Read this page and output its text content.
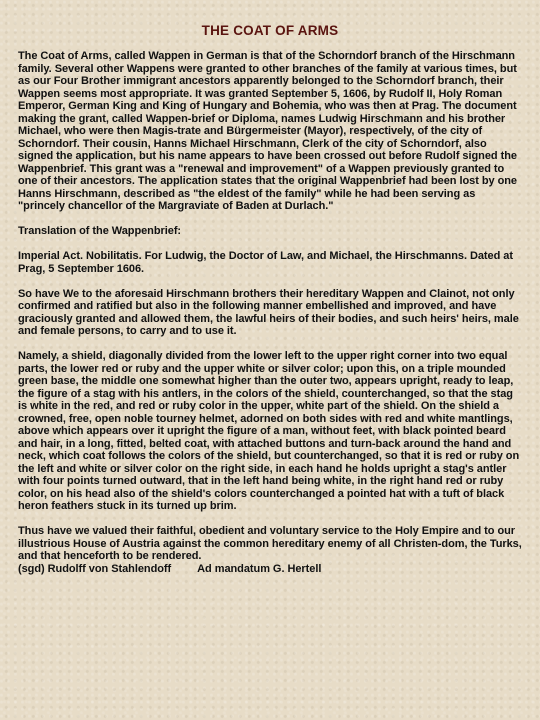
THE COAT OF ARMS

The Coat of Arms, called Wappen in German is that of the Schorndorf branch of the Hirschmann family. Several other Wappens were granted to other branches of the family at various times, but as our Four Brother immigrant ancestors apparently belonged to the Schorndorf branch, their Wappen seems most appropriate. It was granted September 5, 1606, by Rudolf II, Holy Roman Emperor, German King and King of Hungary and Bohemia, who was then at Prag. The document making the grant, called Wappen-brief or Diploma, names Ludwig Hirschmann and his brother Michael, who were then Magis-trate and Bürgermeister (Mayor), respectively, of the city of Schorndorf. Their cousin, Hanns Michael Hirschmann, Clerk of the city of Schorndorf, also signed the application, but his name appears to have been crossed out before Rudolf signed the Wappenbrief. This grant was a "renewal and improvement" of a Wappen previously granted to one of their ancestors. The application states that the original Wappenbrief had been lost by one Hanns Hirschmann, described as "the eldest of the family" while he had been serving as "princely chancellor of the Margraviate of Baden at Durlach."

Translation of the Wappenbrief:

Imperial Act. Nobilitatis. For Ludwig, the Doctor of Law, and Michael, the Hirschmanns. Dated at Prag, 5 September 1606.

So have We to the aforesaid Hirschmann brothers their hereditary Wappen and Clainot, not only confirmed and ratified but also in the following manner embellished and improved, and have graciously granted and allowed them, the lawful heirs of their bodies, and such heirs' heirs, male and female persons, to carry and to use it.

Namely, a shield, diagonally divided from the lower left to the upper right corner into two equal parts, the lower red or ruby and the upper white or silver color; upon this, on a triple mounded green base, the middle one somewhat higher than the outer two, appears upright, ready to leap, the figure of a stag with his antlers, in the colors of the shield, counterchanged, so that the stag is white in the red, and red or ruby color in the upper, white part of the shield. On the shield a crowned, free, open noble tourney helmet, adorned on both sides with red and white mantlings, above which appears over it upright the figure of a man, without feet, with black pointed beard and hair, in a long, fitted, belted coat, with attached buttons and turn-back around the hand and neck, which coat follows the colors of the shield, but counterchanged, so that it is red or ruby on the left and white or silver color on the right side, in each hand he holds upright a stag's antler with four points turned outward, that in the left hand being white, in the right hand red or ruby color, on his head also of the shield's colors counterchanged a pointed hat with a tuft of black heron feathers stuck in its turned up brim.

Thus have we valued their faithful, obedient and voluntary service to the Holy Empire and to our illustrious House of Austria against the common hereditary enemy of all Christen-dom, the Turks, and that henceforth to be rendered.
(sgd) Rudolff von Stahlendoff Ad mandatum G. Hertell
